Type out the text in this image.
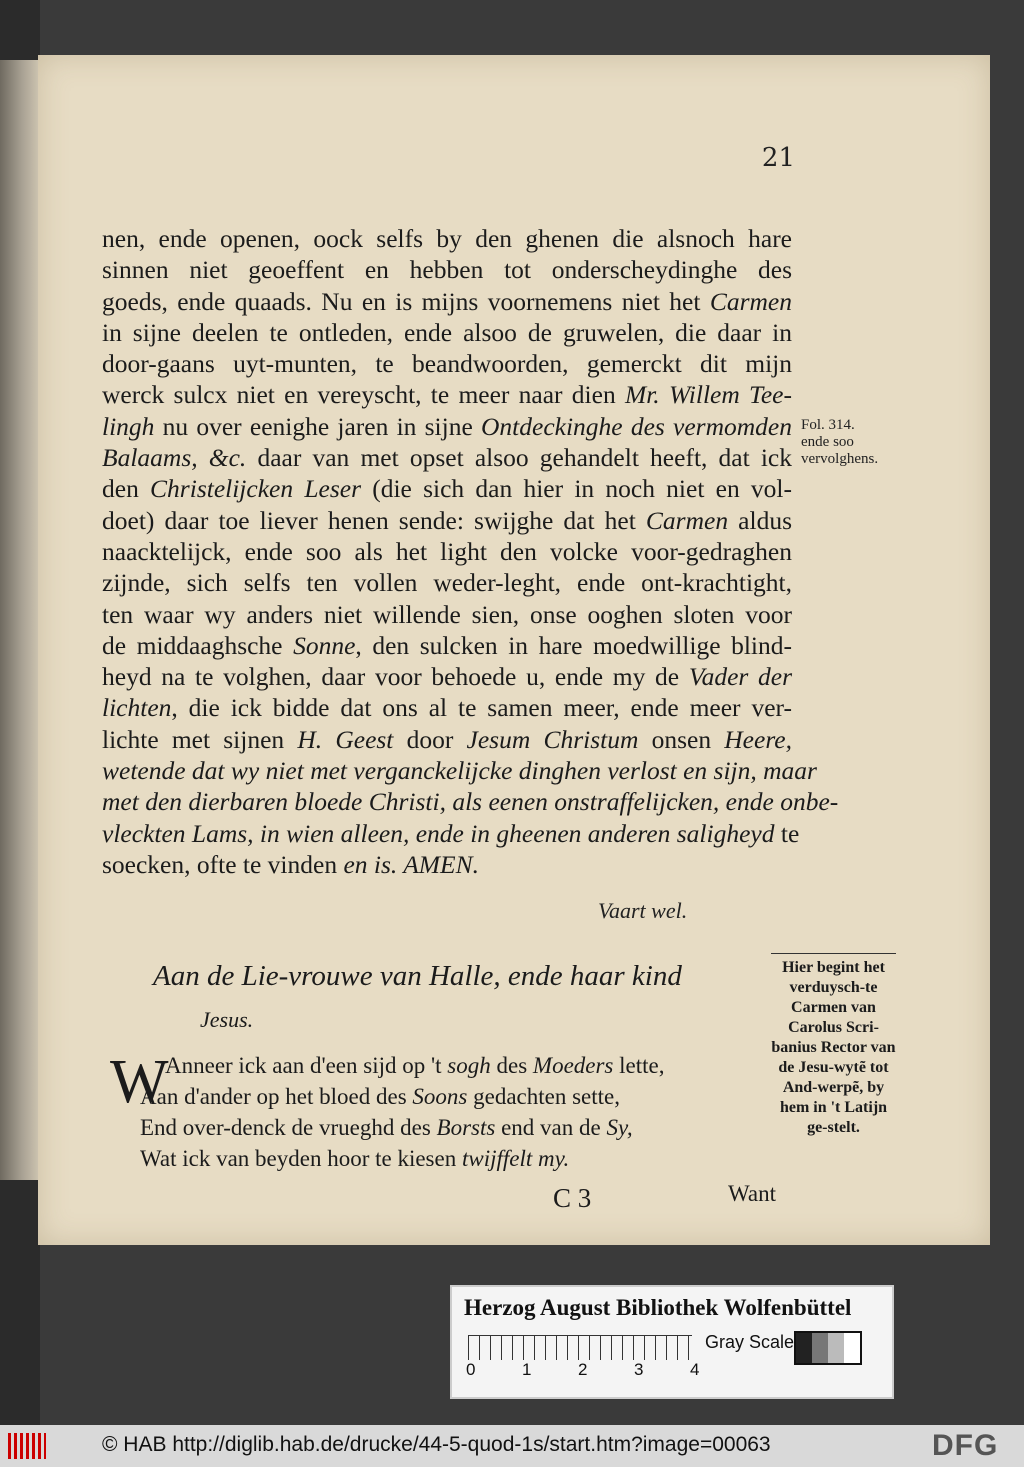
21
nen, ende openen, oock selfs by den ghenen die alsnoch hare
sinnen niet geoeffent en hebben tot onderscheydinghe des
goeds, ende quaads. Nu en is mijns voornemens niet het Carmen
in sijne deelen te ontleden, ende alsoo de gruwelen, die daar in
door-gaans uyt-munten, te beandwoorden, gemerckt dit mijn
werck sulcx niet en vereyscht, te meer naar dien Mr. Willem Tee-
lingh nu over eenighe jaren in sijne Ontdeckinghe des vermomden
Balaams, &c. daar van met opset alsoo gehandelt heeft, dat ick
den Christelijcken Leser (die sich dan hier in noch niet en vol-
doet) daar toe liever henen sende: swijghe dat het Carmen aldus
naacktelijck, ende soo als het light den volcke voor-gedraghen
zijnde, sich selfs ten vollen weder-leght, ende ont-krachtight,
ten waar wy anders niet willende sien, onse ooghen sloten voor
de middaaghsche Sonne, den sulcken in hare moedwillige blind-
heyd na te volghen, daar voor behoede u, ende my de Vader der
lichten, die ick bidde dat ons al te samen meer, ende meer ver-
lichte met sijnen H. Geest door Jesum Christum onsen Heere,
wetende dat wy niet met verganckelijcke dinghen verlost en sijn, maar
met den dierbaren bloede Christi, als eenen onstraffelijcken, ende onbe-
vleckten Lams, in wien alleen, ende in gheenen anderen saligheyd te
soecken, ofte te vinden en is. AMEN.
Vaart wel.
Fol. 314. ende soo vervolghens.
Hier begint het verduysch-te Carmen van Carolus Scri-banius Rector van de Jesu-wytẽ tot And-werpẽ, by hem in 't Latijn ge-stelt.
Aan de Lie-vrouwe van Halle, ende haar kind
Jesus.
W
Anneer ick aan d'een sijd op 't sogh des Moeders lette,
Aan d'ander op het bloed des Soons gedachten sette,
End over-denck de vrueghd des Borsts end van de Sy,
Wat ick van beyden hoor te kiesen twijffelt my.
C 3	Want
Herzog August Bibliothek Wolfenbüttel
0	1	2	3	4
Gray Scale
© HAB http://diglib.hab.de/drucke/44-5-quod-1s/start.htm?image=00063	DFG
